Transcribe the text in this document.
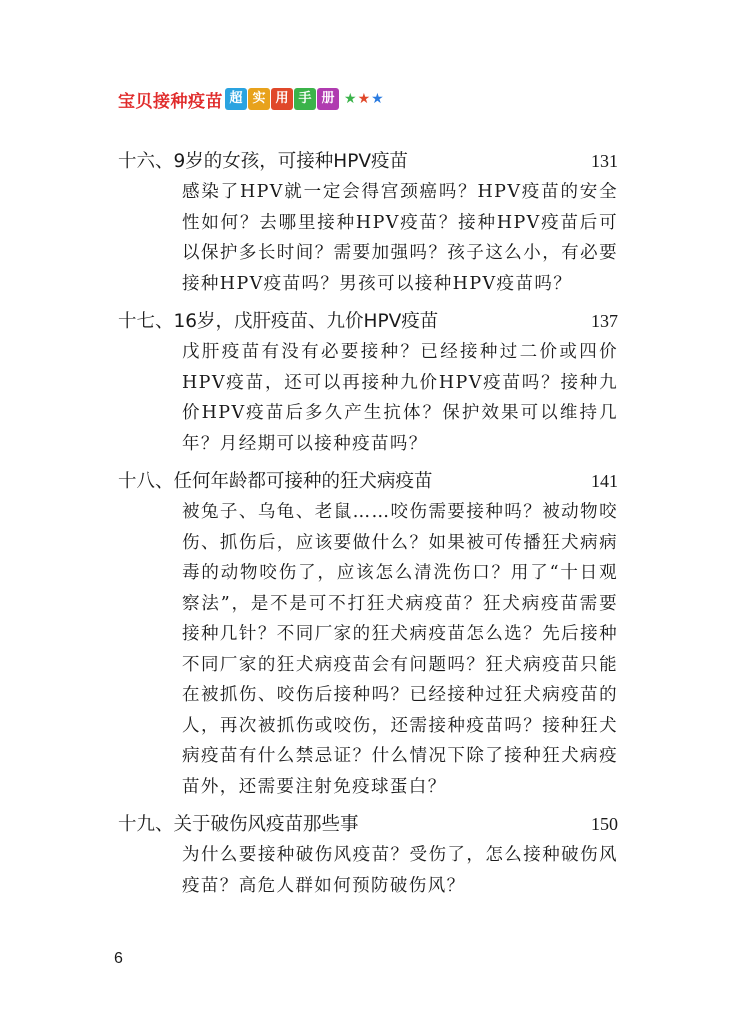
宝贝接种疫苗 超 实 用 手 册 ★ ★ ★
十六、 9岁的女孩，可接种HPV疫苗	131
感染了HPV就一定会得宫颈癌吗？HPV疫苗的安全性如何？去哪里接种HPV疫苗？接种HPV疫苗后可以保护多长时间？需要加强吗？孩子这么小，有必要接种HPV疫苗吗？男孩可以接种HPV疫苗吗？
十七、 16岁，戊肝疫苗、九价HPV疫苗	137
戊肝疫苗有没有必要接种？已经接种过二价或四价HPV疫苗，还可以再接种九价HPV疫苗吗？接种九价HPV疫苗后多久产生抗体？保护效果可以维持几年？月经期可以接种疫苗吗？
十八、 任何年龄都可接种的狂犬病疫苗	141
被兔子、乌龟、老鼠……咬伤需要接种吗？被动物咬伤、抓伤后，应该要做什么？如果被可传播狂犬病病毒的动物咬伤了，应该怎么清洗伤口？用了“十日观察法”，是不是可不打狂犬病疫苗？狂犬病疫苗需要接种几针？不同厂家的狂犬病疫苗怎么选？先后接种不同厂家的狂犬病疫苗会有问题吗？狂犬病疫苗只能在被抓伤、咬伤后接种吗？已经接种过狂犬病疫苗的人，再次被抓伤或咬伤，还需接种疫苗吗？接种狂犬病疫苗有什么禁忌证？什么情况下除了接种狂犬病疫苗外，还需要注射免疫球蛋白？
十九、 关于破伤风疫苗那些事	150
为什么要接种破伤风疫苗？受伤了，怎么接种破伤风疫苗？高危人群如何预防破伤风？
6
